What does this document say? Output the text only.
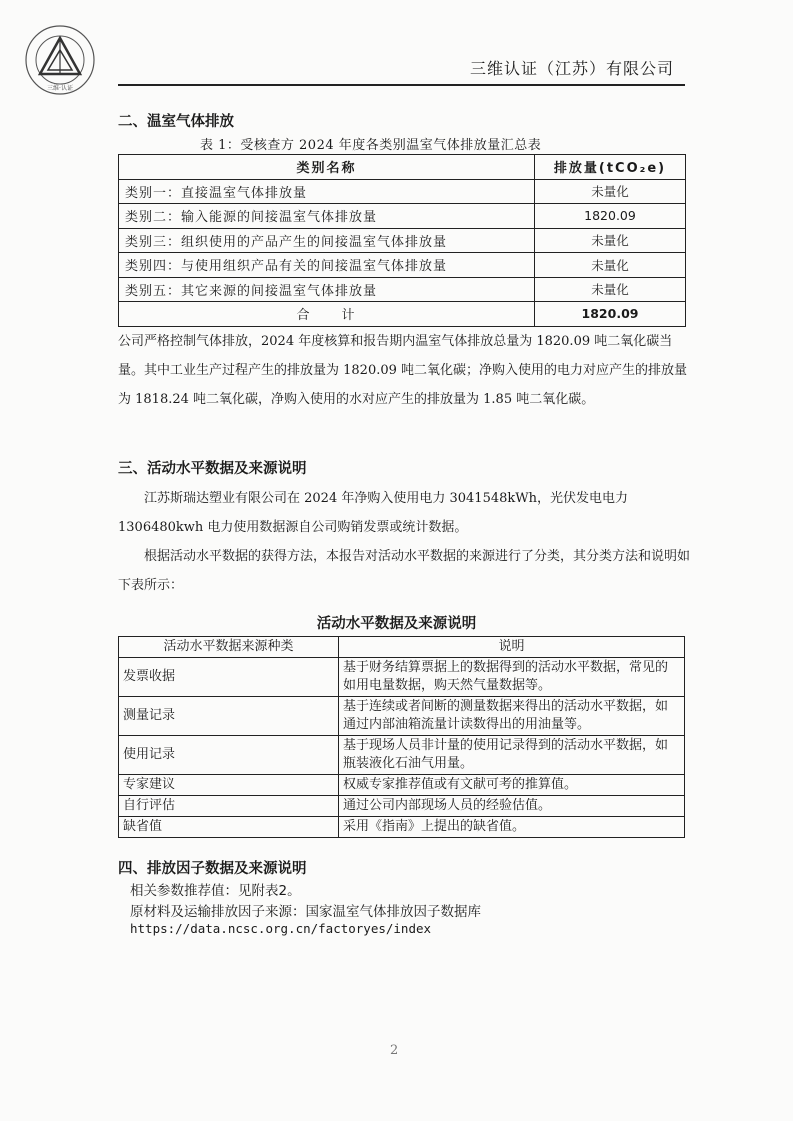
三维·认证
三维认证（江苏）有限公司
二、温室气体排放
表 1：受核查方 2024 年度各类别温室气体排放量汇总表
类别名称	排放量(tCO₂e)
类别一：直接温室气体排放量	未量化
类别二：输入能源的间接温室气体排放量	1820.09
类别三：组织使用的产品产生的间接温室气体排放量	未量化
类别四：与使用组织产品有关的间接温室气体排放量	未量化
类别五：其它来源的间接温室气体排放量	未量化
合　　计	1820.09
公司严格控制气体排放，2024 年度核算和报告期内温室气体排放总量为 1820.09 吨二氧化碳当量。其中工业生产过程产生的排放量为 1820.09 吨二氧化碳；净购入使用的电力对应产生的排放量为 1818.24 吨二氧化碳，净购入使用的水对应产生的排放量为 1.85 吨二氧化碳。
三、活动水平数据及来源说明
江苏斯瑞达塑业有限公司在 2024 年净购入使用电力 3041548kWh，光伏发电电力 1306480kwh 电力使用数据源自公司购销发票或统计数据。
根据活动水平数据的获得方法，本报告对活动水平数据的来源进行了分类，其分类方法和说明如下表所示：
活动水平数据及来源说明
活动水平数据来源种类	说明
发票收据	基于财务结算票据上的数据得到的活动水平数据，常见的如用电量数据，购天然气量数据等。
测量记录	基于连续或者间断的测量数据来得出的活动水平数据，如通过内部油箱流量计读数得出的用油量等。
使用记录	基于现场人员非计量的使用记录得到的活动水平数据，如瓶装液化石油气用量。
专家建议	权威专家推荐值或有文献可考的推算值。
自行评估	通过公司内部现场人员的经验估值。
缺省值	采用《指南》上提出的缺省值。
四、排放因子数据及来源说明
相关参数推荐值：见附表2。
原材料及运输排放因子来源：国家温室气体排放因子数据库
https://data.ncsc.org.cn/factoryes/index
2
